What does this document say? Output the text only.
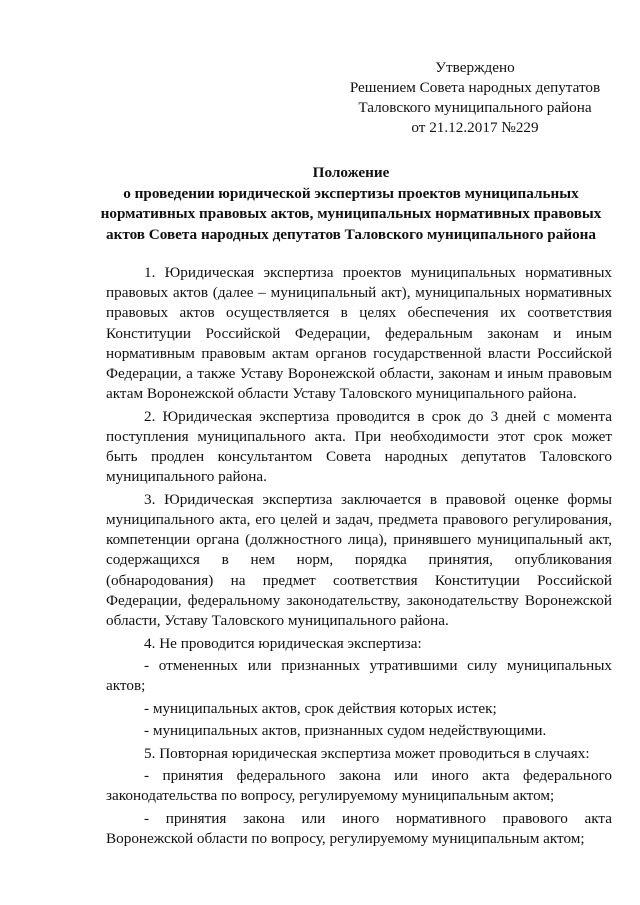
Утверждено
Решением Совета народных депутатов
Таловского муниципального района
от 21.12.2017 №229
Положение
о проведении юридической экспертизы проектов муниципальных
нормативных правовых актов, муниципальных нормативных правовых
актов Совета народных депутатов Таловского муниципального района

1. Юридическая экспертиза проектов муниципальных нормативных правовых актов (далее – муниципальный акт), муниципальных нормативных правовых актов осуществляется в целях обеспечения их соответствия Конституции Российской Федерации, федеральным законам и иным нормативным правовым актам органов государственной власти Российской Федерации, а также Уставу Воронежской области, законам и иным правовым актам Воронежской области Уставу Таловского муниципального района.

2. Юридическая экспертиза проводится в срок до 3 дней с момента поступления муниципального акта. При необходимости этот срок может быть продлен консультантом Совета народных депутатов Таловского муниципального района.

3. Юридическая экспертиза заключается в правовой оценке формы муниципального акта, его целей и задач, предмета правового регулирования, компетенции органа (должностного лица), принявшего муниципальный акт, содержащихся в нем норм, порядка принятия, опубликования (обнародования) на предмет соответствия Конституции Российской Федерации, федеральному законодательству, законодательству Воронежской области, Уставу Таловского муниципального района.

4. Не проводится юридическая экспертиза:

- отмененных или признанных утратившими силу муниципальных актов;

- муниципальных актов, срок действия которых истек;

- муниципальных актов, признанных судом недействующими.

5. Повторная юридическая экспертиза может проводиться в случаях:

- принятия федерального закона или иного акта федерального законодательства по вопросу, регулируемому муниципальным актом;

- принятия закона или иного нормативного правового акта Воронежской области по вопросу, регулируемому муниципальным актом;
